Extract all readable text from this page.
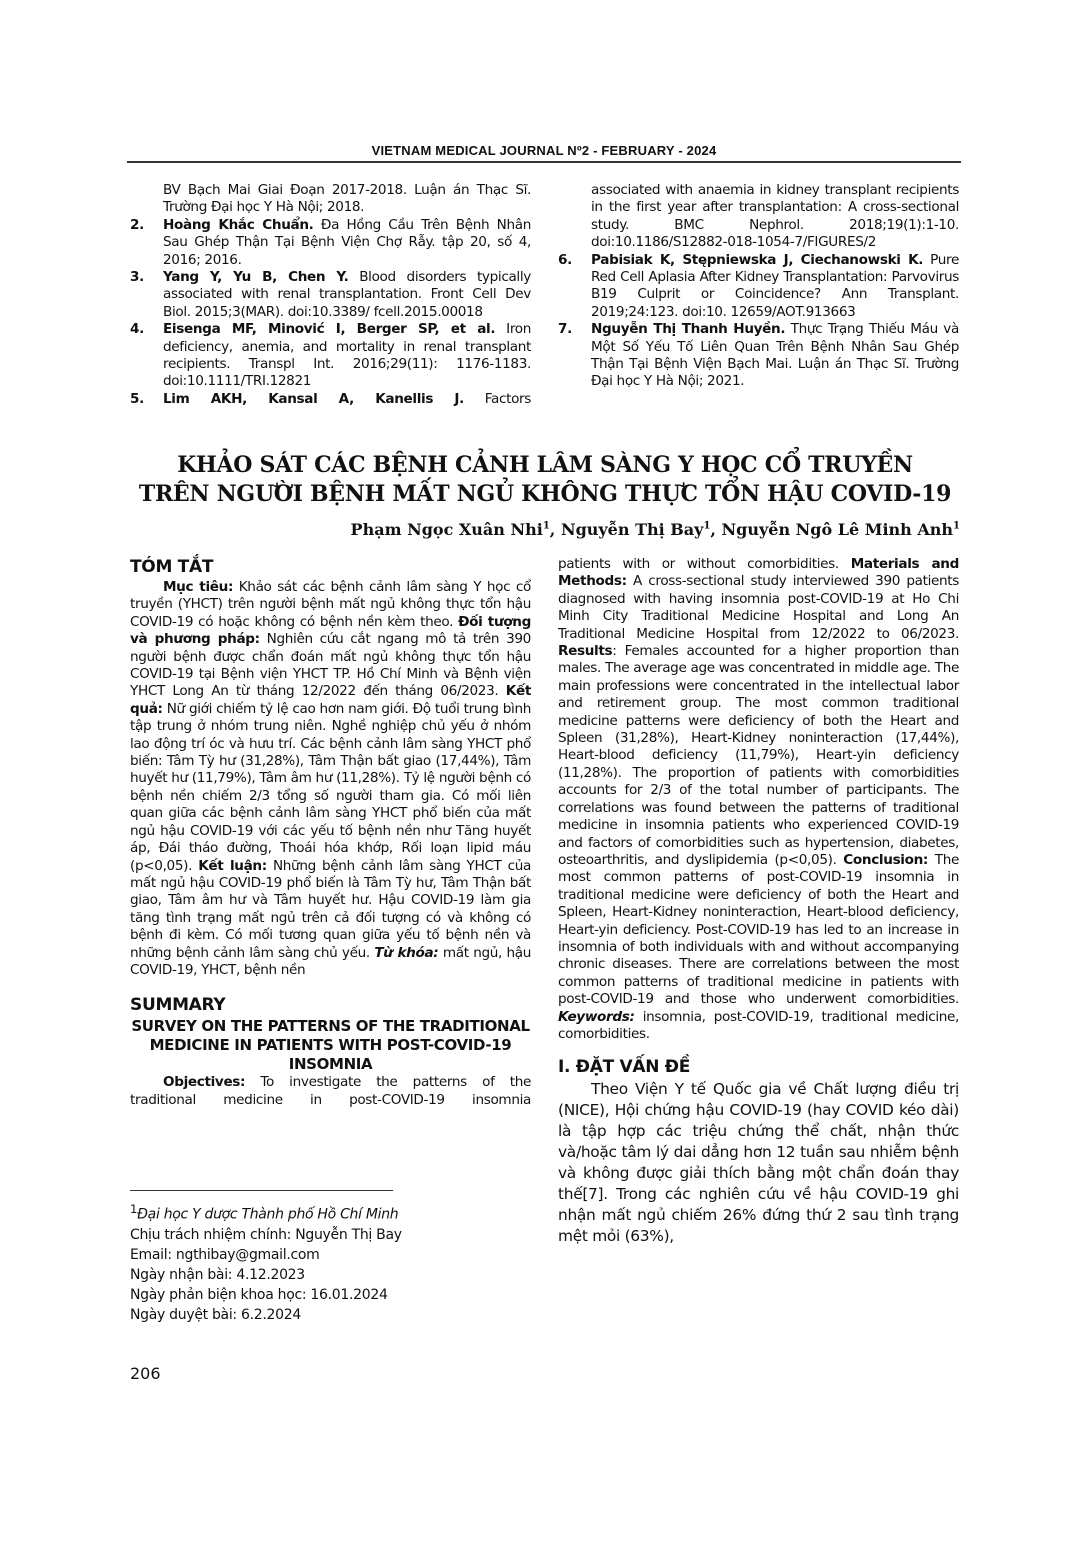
VIETNAM MEDICAL JOURNAL Nº2 - FEBRUARY - 2024
BV Bạch Mai Giai Đoạn 2017-2018. Luận án Thạc Sĩ. Trường Đại học Y Hà Nội; 2018.
2.	Hoàng Khắc Chuẩn. Đa Hồng Cầu Trên Bệnh Nhân Sau Ghép Thận Tại Bệnh Viện Chợ Rẫy. tập 20, số 4, 2016; 2016.
3.	Yang Y, Yu B, Chen Y. Blood disorders typically associated with renal transplantation. Front Cell Dev Biol. 2015;3(MAR). doi:10.3389/ fcell.2015.00018
4.	Eisenga MF, Minović I, Berger SP, et al. Iron deficiency, anemia, and mortality in renal transplant recipients. Transpl Int. 2016;29(11): 1176-1183. doi:10.1111/TRI.12821
5.	Lim AKH, Kansal A, Kanellis J. Factors
associated with anaemia in kidney transplant recipients in the first year after transplantation: A cross-sectional study. BMC Nephrol. 2018;19(1):1-10. doi:10.1186/S12882-018-1054-7/FIGURES/2
6.	Pabisiak K, Stępniewska J, Ciechanowski K. Pure Red Cell Aplasia After Kidney Transplantation: Parvovirus B19 Culprit or Coincidence? Ann Transplant. 2019;24:123. doi:10. 12659/AOT.913663
7.	Nguyễn Thị Thanh Huyền. Thực Trạng Thiếu Máu và Một Số Yếu Tố Liên Quan Trên Bệnh Nhân Sau Ghép Thận Tại Bệnh Viện Bạch Mai. Luận án Thạc Sĩ. Trường Đại học Y Hà Nội; 2021.
KHẢO SÁT CÁC BỆNH CẢNH LÂM SÀNG Y HỌC CỔ TRUYỀN
TRÊN NGƯỜI BỆNH MẤT NGỦ KHÔNG THỰC TỔN HẬU COVID-19
Phạm Ngọc Xuân Nhi$^1$, Nguyễn Thị Bay$^1$, Nguyễn Ngô Lê Minh Anh$^1$
TÓM TẮT

Mục tiêu: Khảo sát các bệnh cảnh lâm sàng Y học cổ truyền (YHCT) trên người bệnh mất ngủ không thực tổn hậu COVID-19 có hoặc không có bệnh nền kèm theo. Đối tượng và phương pháp: Nghiên cứu cắt ngang mô tả trên 390 người bệnh được chẩn đoán mất ngủ không thực tổn hậu COVID-19 tại Bệnh viện YHCT TP. Hồ Chí Minh và Bệnh viện YHCT Long An từ tháng 12/2022 đến tháng 06/2023. Kết quả: Nữ giới chiếm tỷ lệ cao hơn nam giới. Độ tuổi trung bình tập trung ở nhóm trung niên. Nghề nghiệp chủ yếu ở nhóm lao động trí óc và hưu trí. Các bệnh cảnh lâm sàng YHCT phổ biến: Tâm Tỳ hư (31,28%), Tâm Thận bất giao (17,44%), Tâm huyết hư (11,79%), Tâm âm hư (11,28%). Tỷ lệ người bệnh có bệnh nền chiếm 2/3 tổng số người tham gia. Có mối liên quan giữa các bệnh cảnh lâm sàng YHCT phổ biến của mất ngủ hậu COVID-19 với các yếu tố bệnh nền như Tăng huyết áp, Đái tháo đường, Thoái hóa khớp, Rối loạn lipid máu (p<0,05). Kết luận: Những bệnh cảnh lâm sàng YHCT của mất ngủ hậu COVID-19 phổ biến là Tâm Tỳ hư, Tâm Thận bất giao, Tâm âm hư và Tâm huyết hư. Hậu COVID-19 làm gia tăng tình trạng mất ngủ trên cả đối tượng có và không có bệnh đi kèm. Có mối tương quan giữa yếu tố bệnh nền và những bệnh cảnh lâm sàng chủ yếu. Từ khóa: mất ngủ, hậu COVID-19, YHCT, bệnh nền

SUMMARY
SURVEY ON THE PATTERNS OF THE TRADITIONAL MEDICINE IN PATIENTS WITH POST-COVID-19 INSOMNIA

Objectives: To investigate the patterns of the traditional medicine in post-COVID-19 insomnia

patients with or without comorbidities. Materials and Methods: A cross-sectional study interviewed 390 patients diagnosed with having insomnia post-COVID-19 at Ho Chi Minh City Traditional Medicine Hospital and Long An Traditional Medicine Hospital from 12/2022 to 06/2023. Results: Females accounted for a higher proportion than males. The average age was concentrated in middle age. The main professions were concentrated in the intellectual labor and retirement group. The most common traditional medicine patterns were deficiency of both the Heart and Spleen (31,28%), Heart-Kidney noninteraction (17,44%), Heart-blood deficiency (11,79%), Heart-yin deficiency (11,28%). The proportion of patients with comorbidities accounts for 2/3 of the total number of participants. The correlations was found between the patterns of traditional medicine in insomnia patients who experienced COVID-19 and factors of comorbidities such as hypertension, diabetes, osteoarthritis, and dyslipidemia (p<0,05). Conclusion: The most common patterns of post-COVID-19 insomnia in traditional medicine were deficiency of both the Heart and Spleen, Heart-Kidney noninteraction, Heart-blood deficiency, Heart-yin deficiency. Post-COVID-19 has led to an increase in insomnia of both individuals with and without accompanying chronic diseases. There are correlations between the most common patterns of traditional medicine in patients with post-COVID-19 and those who underwent comorbidities. Keywords: insomnia, post-COVID-19, traditional medicine, comorbidities.

I. ĐẶT VẤN ĐỀ

Theo Viện Y tế Quốc gia về Chất lượng điều trị (NICE), Hội chứng hậu COVID-19 (hay COVID kéo dài) là tập hợp các triệu chứng thể chất, nhận thức và/hoặc tâm lý dai dẳng hơn 12 tuần sau nhiễm bệnh và không được giải thích bằng một chẩn đoán thay thế[7]. Trong các nghiên cứu về hậu COVID-19 ghi nhận mất ngủ chiếm 26% đứng thứ 2 sau tình trạng mệt mỏi (63%),

$^1$Đại học Y dược Thành phố Hồ Chí Minh
Chịu trách nhiệm chính: Nguyễn Thị Bay
Email: ngthibay@gmail.com
Ngày nhận bài: 4.12.2023
Ngày phản biện khoa học: 16.01.2024
Ngày duyệt bài: 6.2.2024
206
